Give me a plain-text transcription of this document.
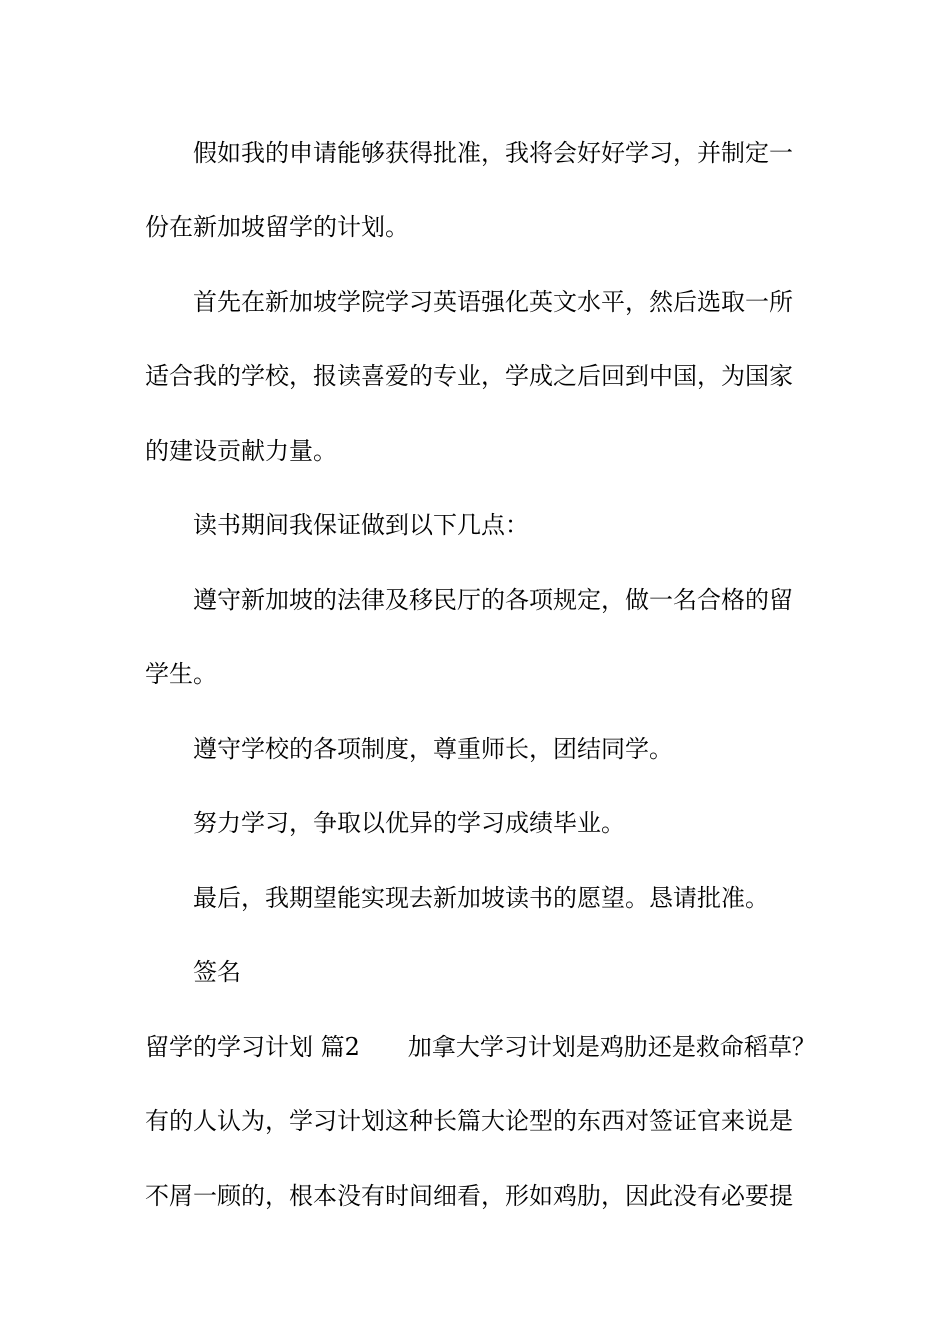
假如我的申请能够获得批准，我将会好好学习，并制定一
份在新加坡留学的计划。
首先在新加坡学院学习英语强化英文水平，然后选取一所
适合我的学校，报读喜爱的专业，学成之后回到中国，为国家
的建设贡献力量。
读书期间我保证做到以下几点：
遵守新加坡的法律及移民厅的各项规定，做一名合格的留
学生。
遵守学校的各项制度，尊重师长，团结同学。
努力学习，争取以优异的学习成绩毕业。
最后，我期望能实现去新加坡读书的愿望。恳请批准。
签名
留学的学习计划 篇2 加拿大学习计划是鸡肋还是救命稻草？
有的人认为，学习计划这种长篇大论型的东西对签证官来说是
不屑一顾的，根本没有时间细看，形如鸡肋，因此没有必要提
